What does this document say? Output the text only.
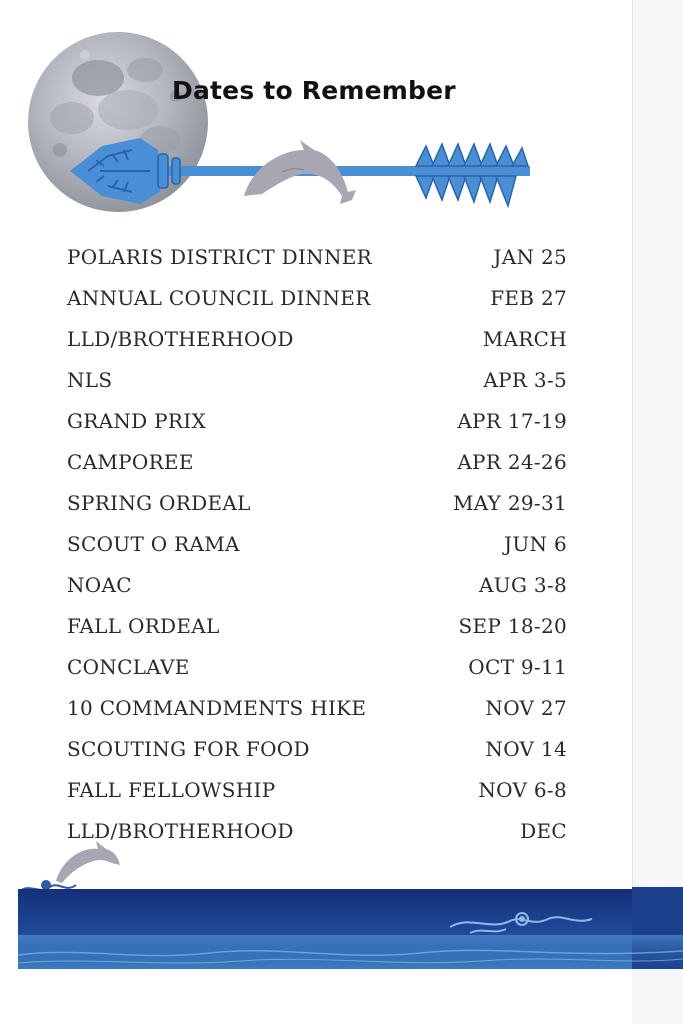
Dates to Remember
POLARIS DISTRICT DINNER	JAN 25
ANNUAL COUNCIL DINNER	FEB 27
LLD/BROTHERHOOD	MARCH
NLS	APR 3-5
GRAND PRIX	APR 17-19
CAMPOREE	APR 24-26
SPRING ORDEAL	MAY 29-31
SCOUT O RAMA	JUN 6
NOAC	AUG 3-8
FALL ORDEAL	SEP 18-20
CONCLAVE	OCT 9-11
10 COMMANDMENTS HIKE	NOV 27
SCOUTING FOR FOOD	NOV 14
FALL FELLOWSHIP	NOV 6-8
LLD/BROTHERHOOD	DEC
